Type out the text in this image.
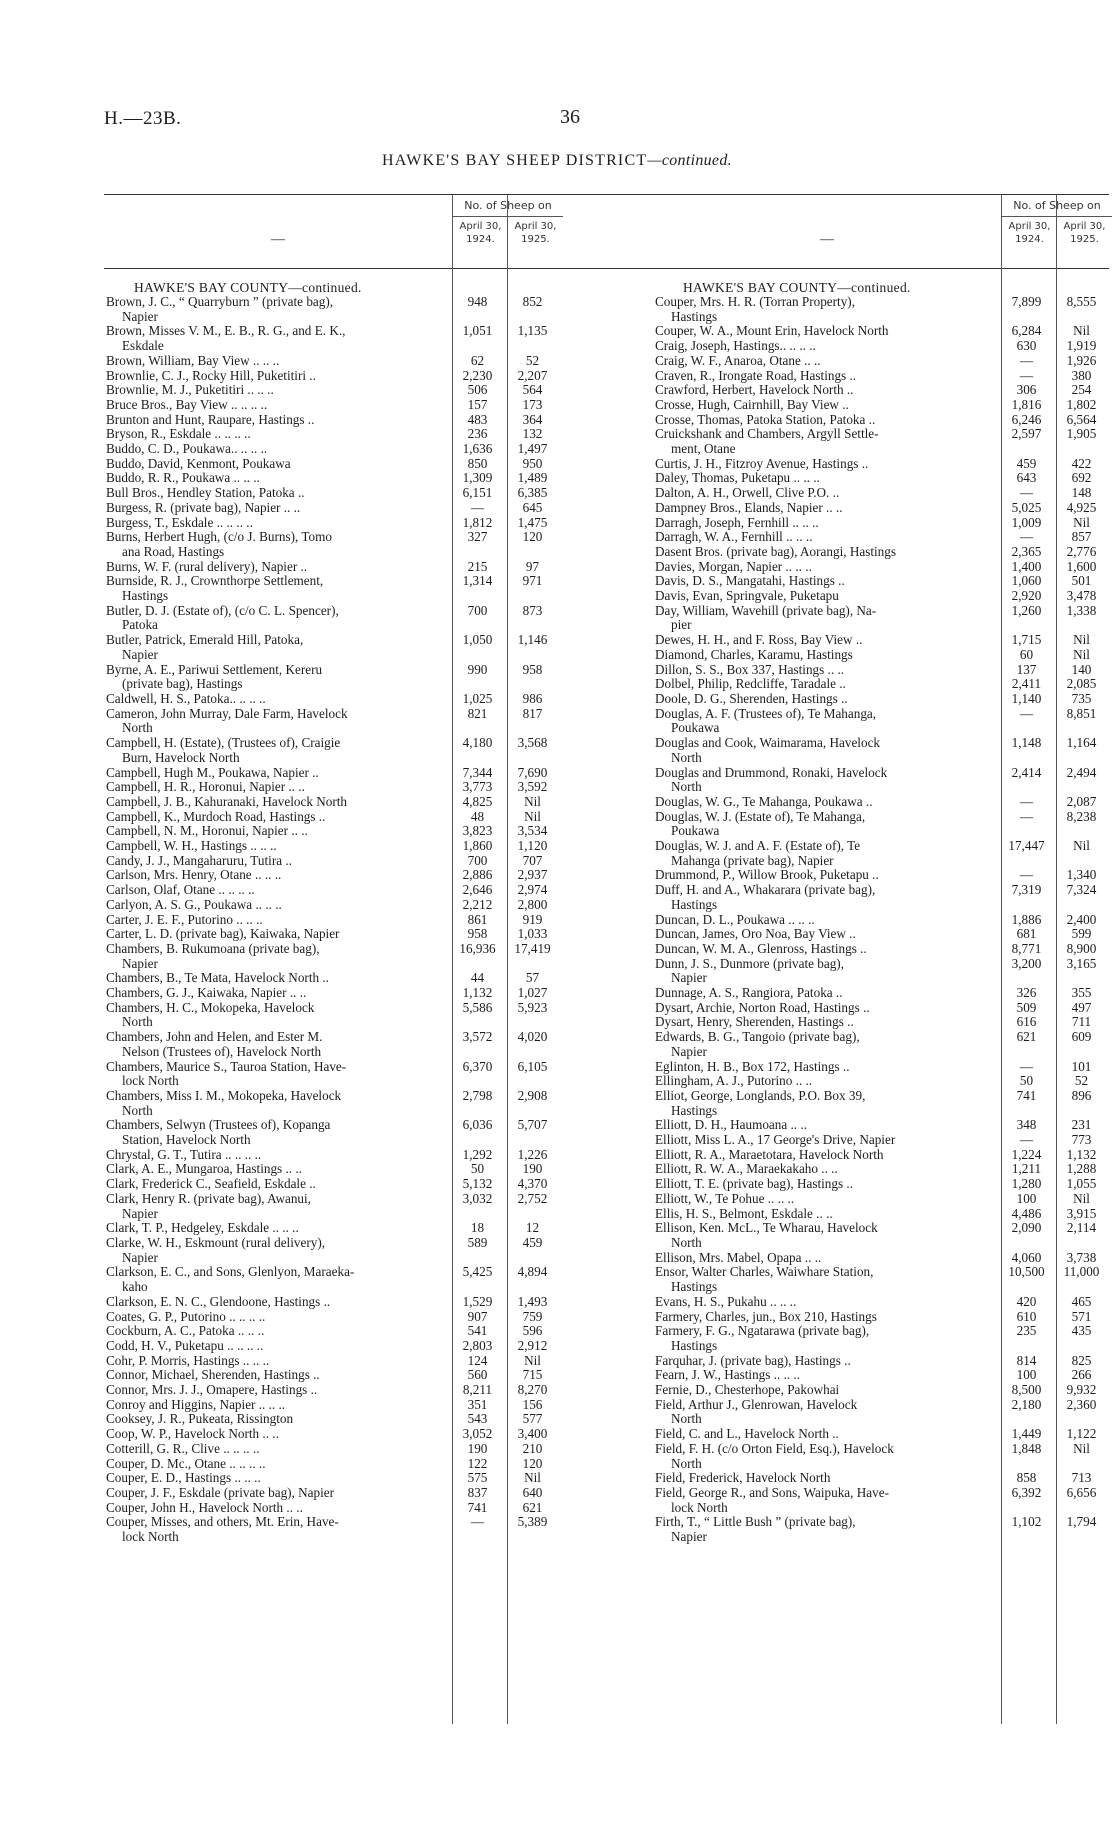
H.—23B.	36
HAWKE'S BAY SHEEP DISTRICT—continued.
—
No. of Sheep on
April 30,
1924.
April 30,
1925.
HAWKE'S BAY COUNTY—continued.
Brown, J. C., “ Quarryburn ” (private bag),
Napier
948	852
Brown, Misses V. M., E. B., R. G., and E. K.,
Eskdale
1,051	1,135
Brown, William, Bay View .. .. ..	62	52
Brownlie, C. J., Rocky Hill, Puketitiri ..	2,230	2,207
Brownlie, M. J., Puketitiri .. .. ..	506	564
Bruce Bros., Bay View .. .. .. ..	157	173
Brunton and Hunt, Raupare, Hastings ..	483	364
Bryson, R., Eskdale .. .. .. ..	236	132
Buddo, C. D., Poukawa.. .. .. ..	1,636	1,497
Buddo, David, Kenmont, Poukawa	850	950
Buddo, R. R., Poukawa .. .. ..	1,309	1,489
Bull Bros., Hendley Station, Patoka ..	6,151	6,385
Burgess, R. (private bag), Napier .. ..	—	645
Burgess, T., Eskdale .. .. .. ..	1,812	1,475
Burns, Herbert Hugh, (c/o J. Burns), Tomo
ana Road, Hastings
327	120
Burns, W. F. (rural delivery), Napier ..	215	97
Burnside, R. J., Crownthorpe Settlement,
Hastings
1,314	971
Butler, D. J. (Estate of), (c/o C. L. Spencer),
Patoka
700	873
Butler, Patrick, Emerald Hill, Patoka,
Napier
1,050	1,146
Byrne, A. E., Pariwui Settlement, Kereru
(private bag), Hastings
990	958
Caldwell, H. S., Patoka.. .. .. ..	1,025	986
Cameron, John Murray, Dale Farm, Havelock
North
821	817
Campbell, H. (Estate), (Trustees of), Craigie
Burn, Havelock North
4,180	3,568
Campbell, Hugh M., Poukawa, Napier ..	7,344	7,690
Campbell, H. R., Horonui, Napier .. ..	3,773	3,592
Campbell, J. B., Kahuranaki, Havelock North	4,825	Nil
Campbell, K., Murdoch Road, Hastings ..	48	Nil
Campbell, N. M., Horonui, Napier .. ..	3,823	3,534
Campbell, W. H., Hastings .. .. ..	1,860	1,120
Candy, J. J., Mangaharuru, Tutira ..	700	707
Carlson, Mrs. Henry, Otane .. .. ..	2,886	2,937
Carlson, Olaf, Otane .. .. .. ..	2,646	2,974
Carlyon, A. S. G., Poukawa .. .. ..	2,212	2,800
Carter, J. E. F., Putorino .. .. ..	861	919
Carter, L. D. (private bag), Kaiwaka, Napier	958	1,033
Chambers, B. Rukumoana (private bag),
Napier
16,936	17,419
Chambers, B., Te Mata, Havelock North ..	44	57
Chambers, G. J., Kaiwaka, Napier .. ..	1,132	1,027
Chambers, H. C., Mokopeka, Havelock
North
5,586	5,923
Chambers, John and Helen, and Ester M.
Nelson (Trustees of), Havelock North
3,572	4,020
Chambers, Maurice S., Tauroa Station, Have-
lock North
6,370	6,105
Chambers, Miss I. M., Mokopeka, Havelock
North
2,798	2,908
Chambers, Selwyn (Trustees of), Kopanga
Station, Havelock North
6,036	5,707
Chrystal, G. T., Tutira .. .. .. ..	1,292	1,226
Clark, A. E., Mungaroa, Hastings .. ..	50	190
Clark, Frederick C., Seafield, Eskdale ..	5,132	4,370
Clark, Henry R. (private bag), Awanui,
Napier
3,032	2,752
Clark, T. P., Hedgeley, Eskdale .. .. ..	18	12
Clarke, W. H., Eskmount (rural delivery),
Napier
589	459
Clarkson, E. C., and Sons, Glenlyon, Maraeka-
kaho
5,425	4,894
Clarkson, E. N. C., Glendoone, Hastings ..	1,529	1,493
Coates, G. P., Putorino .. .. .. ..	907	759
Cockburn, A. C., Patoka .. .. ..	541	596
Codd, H. V., Puketapu .. .. .. ..	2,803	2,912
Cohr, P. Morris, Hastings .. .. ..	124	Nil
Connor, Michael, Sherenden, Hastings ..	560	715
Connor, Mrs. J. J., Omapere, Hastings ..	8,211	8,270
Conroy and Higgins, Napier .. .. ..	351	156
Cooksey, J. R., Pukeata, Rissington	543	577
Coop, W. P., Havelock North .. ..	3,052	3,400
Cotterill, G. R., Clive .. .. .. ..	190	210
Couper, D. Mc., Otane .. .. .. ..	122	120
Couper, E. D., Hastings .. .. ..	575	Nil
Couper, J. F., Eskdale (private bag), Napier	837	640
Couper, John H., Havelock North .. ..	741	621
Couper, Misses, and others, Mt. Erin, Have-
lock North
—	5,389
—
No. of Sheep on
April 30,
1924.
April 30,
1925.
HAWKE'S BAY COUNTY—continued.
Couper, Mrs. H. R. (Torran Property),
Hastings
7,899	8,555
Couper, W. A., Mount Erin, Havelock North	6,284	Nil
Craig, Joseph, Hastings.. .. .. ..	630	1,919
Craig, W. F., Anaroa, Otane .. ..	—	1,926
Craven, R., Irongate Road, Hastings ..	—	380
Crawford, Herbert, Havelock North ..	306	254
Crosse, Hugh, Cairnhill, Bay View ..	1,816	1,802
Crosse, Thomas, Patoka Station, Patoka ..	6,246	6,564
Cruickshank and Chambers, Argyll Settle-
ment, Otane
2,597	1,905
Curtis, J. H., Fitzroy Avenue, Hastings ..	459	422
Daley, Thomas, Puketapu .. .. ..	643	692
Dalton, A. H., Orwell, Clive P.O. ..	—	148
Dampney Bros., Elands, Napier .. ..	5,025	4,925
Darragh, Joseph, Fernhill .. .. ..	1,009	Nil
Darragh, W. A., Fernhill .. .. ..	—	857
Dasent Bros. (private bag), Aorangi, Hastings	2,365	2,776
Davies, Morgan, Napier .. .. ..	1,400	1,600
Davis, D. S., Mangatahi, Hastings ..	1,060	501
Davis, Evan, Springvale, Puketapu	2,920	3,478
Day, William, Wavehill (private bag), Na-
pier
1,260	1,338
Dewes, H. H., and F. Ross, Bay View ..	1,715	Nil
Diamond, Charles, Karamu, Hastings	60	Nil
Dillon, S. S., Box 337, Hastings .. ..	137	140
Dolbel, Philip, Redcliffe, Taradale ..	2,411	2,085
Doole, D. G., Sherenden, Hastings ..	1,140	735
Douglas, A. F. (Trustees of), Te Mahanga,
Poukawa
—	8,851
Douglas and Cook, Waimarama, Havelock
North
1,148	1,164
Douglas and Drummond, Ronaki, Havelock
North
2,414	2,494
Douglas, W. G., Te Mahanga, Poukawa ..	—	2,087
Douglas, W. J. (Estate of), Te Mahanga,
Poukawa
—	8,238
Douglas, W. J. and A. F. (Estate of), Te
Mahanga (private bag), Napier
17,447	Nil
Drummond, P., Willow Brook, Puketapu ..	—	1,340
Duff, H. and A., Whakarara (private bag),
Hastings
7,319	7,324
Duncan, D. L., Poukawa .. .. ..	1,886	2,400
Duncan, James, Oro Noa, Bay View ..	681	599
Duncan, W. M. A., Glenross, Hastings ..	8,771	8,900
Dunn, J. S., Dunmore (private bag),
Napier
3,200	3,165
Dunnage, A. S., Rangiora, Patoka ..	326	355
Dysart, Archie, Norton Road, Hastings ..	509	497
Dysart, Henry, Sherenden, Hastings ..	616	711
Edwards, B. G., Tangoio (private bag),
Napier
621	609
Eglinton, H. B., Box 172, Hastings ..	—	101
Ellingham, A. J., Putorino .. ..	50	52
Elliot, George, Longlands, P.O. Box 39,
Hastings
741	896
Elliott, D. H., Haumoana .. ..	348	231
Elliott, Miss L. A., 17 George's Drive, Napier	—	773
Elliott, R. A., Maraetotara, Havelock North	1,224	1,132
Elliott, R. W. A., Maraekakaho .. ..	1,211	1,288
Elliott, T. E. (private bag), Hastings ..	1,280	1,055
Elliott, W., Te Pohue .. .. ..	100	Nil
Ellis, H. S., Belmont, Eskdale .. ..	4,486	3,915
Ellison, Ken. McL., Te Wharau, Havelock
North
2,090	2,114
Ellison, Mrs. Mabel, Opapa .. ..	4,060	3,738
Ensor, Walter Charles, Waiwhare Station,
Hastings
10,500	11,000
Evans, H. S., Pukahu .. .. ..	420	465
Farmery, Charles, jun., Box 210, Hastings	610	571
Farmery, F. G., Ngatarawa (private bag),
Hastings
235	435
Farquhar, J. (private bag), Hastings ..	814	825
Fearn, J. W., Hastings .. .. ..	100	266
Fernie, D., Chesterhope, Pakowhai	8,500	9,932
Field, Arthur J., Glenrowan, Havelock
North
2,180	2,360
Field, C. and L., Havelock North ..	1,449	1,122
Field, F. H. (c/o Orton Field, Esq.), Havelock
North
1,848	Nil
Field, Frederick, Havelock North	858	713
Field, George R., and Sons, Waipuka, Have-
lock North
6,392	6,656
Firth, T., “ Little Bush ” (private bag),
Napier
1,102	1,794
